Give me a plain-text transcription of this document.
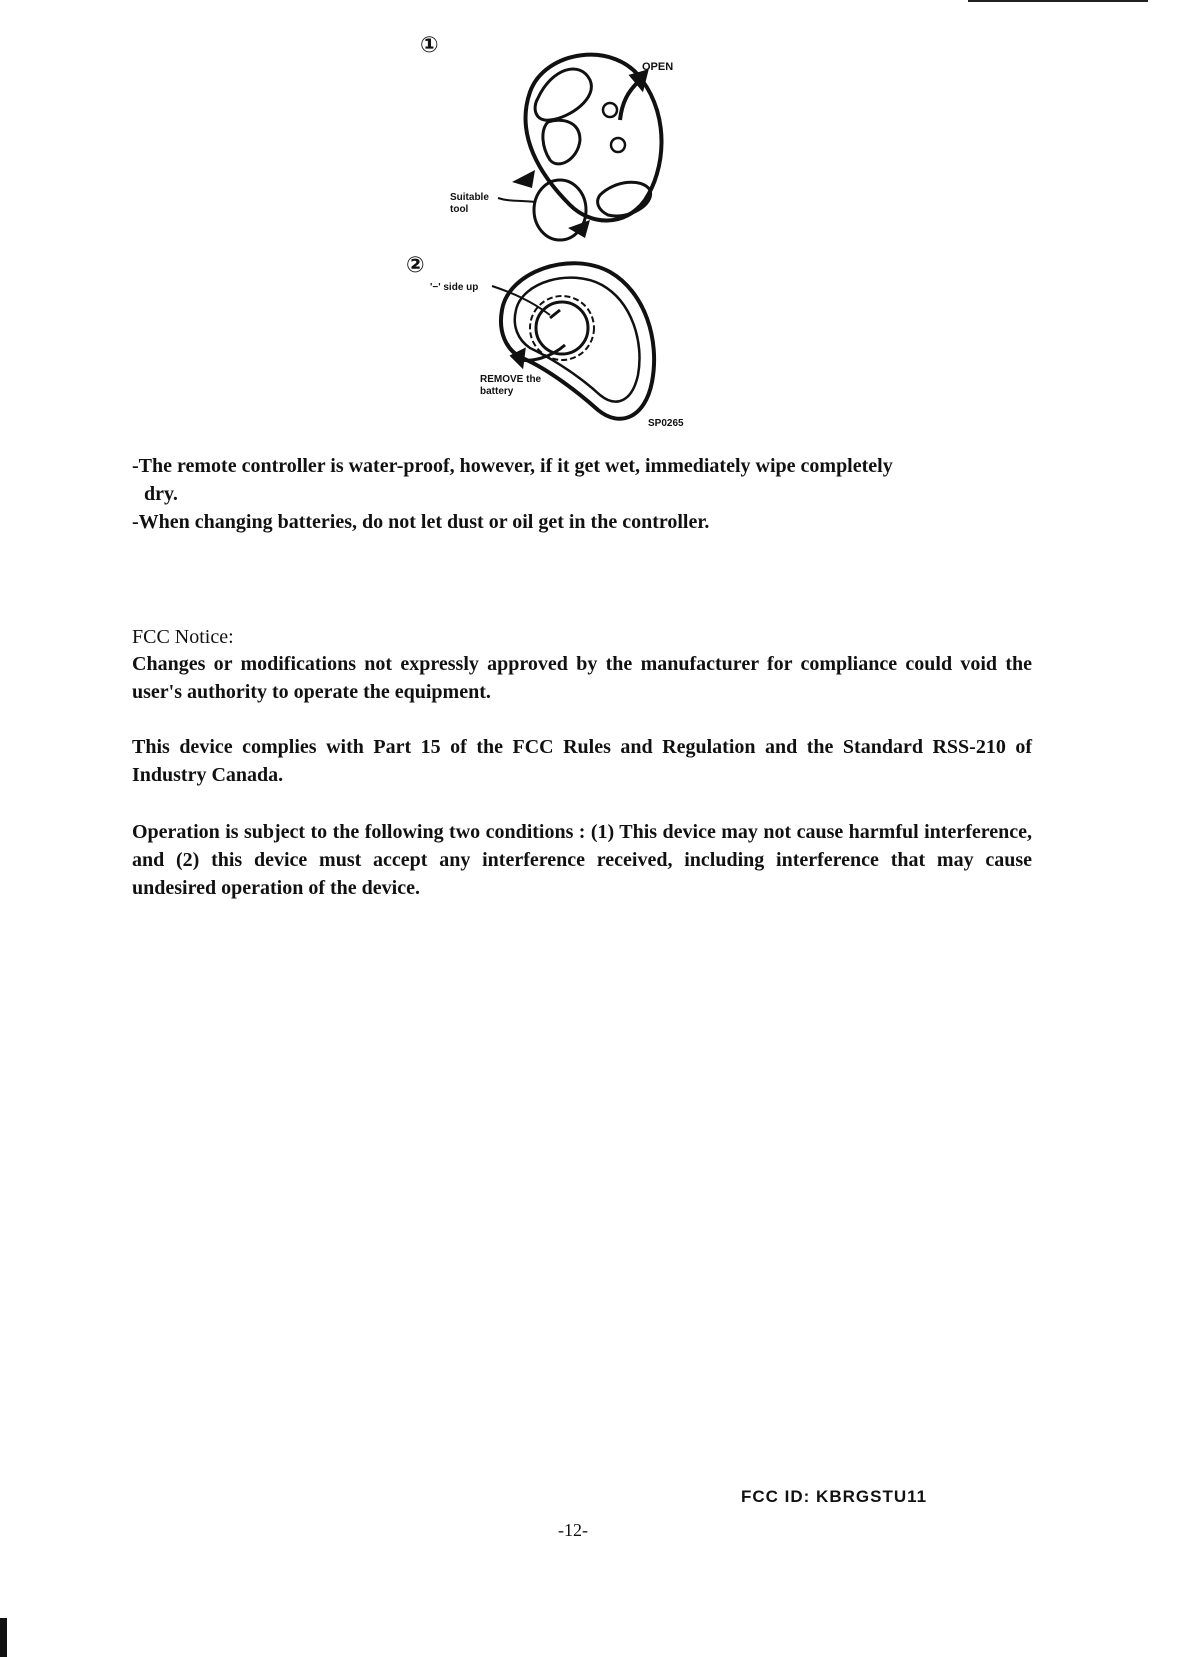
①
OPEN
Suitable
tool
②
'−' side up
REMOVE the
battery
SP0265
-The remote controller is water-proof, however, if it get wet, immediately wipe completely
dry.
-When changing batteries, do not let dust or oil get in the controller.
FCC Notice:
Changes or modifications not expressly approved by the manufacturer for compliance could void the user's authority to operate the equipment.
This device complies with Part 15 of the FCC Rules and Regulation and the Standard RSS-210 of Industry Canada.
Operation is subject to the following two conditions : (1) This device may not cause harmful interference, and (2) this device must accept any interference received, including interference that may cause undesired operation of the device.
FCC ID: KBRGSTU11
-12-
